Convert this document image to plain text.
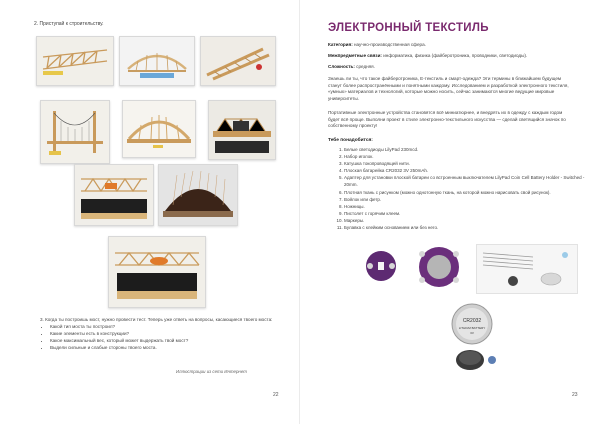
2. Приступай к строительству.
3. Когда ты построишь мост, нужно провести тест. Теперь уже ответь на вопросы, касающиеся твоего моста:
• Какой тип моста ты построил?
• Какие элементы есть в конструкции?
• Какое максимальный вес, который может выдержать твой мост?
• Выдели сильные и слабые стороны твоего моста.
Иллюстрации из сети Интернет
22
ЭЛЕКТРОННЫЙ ТЕКСТИЛЬ
Категория: научно-производственная сфера.
Межпредметные связи: информатика, физика (файберотроника, проводники, светодиоды).
Сложность: средняя.
Знаешь ли ты, что такое файберотроника, Е-текстиль и смарт-одежда? Эти термины в ближайшем будущем станут более распространёнными и понятными каждому. Исследованием и разработкой электронного текстиля, «умных» материалов и технологий, которые можно носить, сейчас занимаются многие ведущие мировые университеты.
Портативные электронные устройства становятся всё миниатюрнее, и внедрять их в одежду с каждым годом будет всё проще. Выполни проект в стиле электронно-текстильного искусства — сделай светящийся значок по собственному проекту!
Тебе понадобится:
1. Белые светодиоды LilyPad 230mcd.
2. Набор иголок.
3. Катушка токопроводящей нити.
4. Плоская батарейка CR2032 3V 250mAh.
5. Адаптер для установки плоской батареи со встроенным выключателем LilyPad Coin Cell Battery Holder - Switched - 20mm.
6. Плотная ткань с рисунком (можно однотонную ткань, на которой можно нарисовать свой рисунок).
7. Войлок или фетр.
8. Ножницы.
9. Пистолет с горячим клеем.
10. Маркеры.
11. Булавка с клейким основанием или без него.
CR2032
LITHIUM BATTERY
3V
23
